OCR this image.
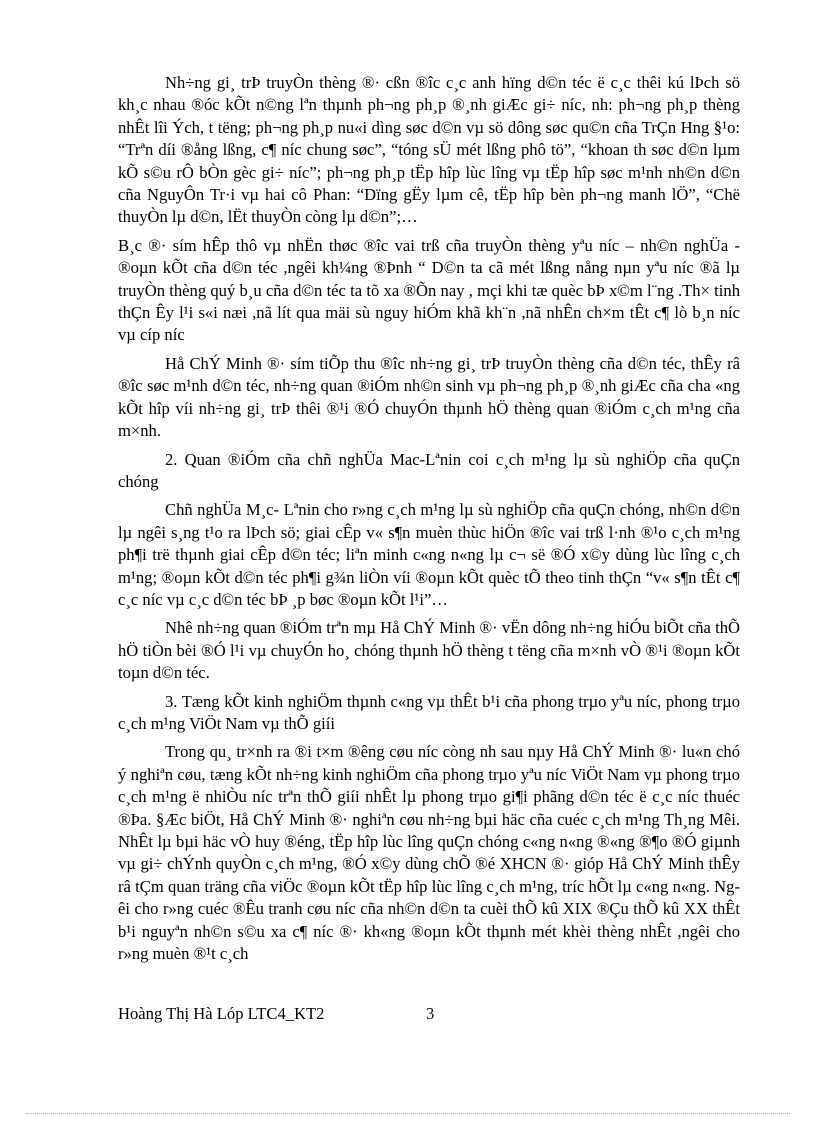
Nh÷ng gi¸ trÞ truyÒn thèng ®· cßn ®îc c¸c anh hïng d©n téc ë c¸c thêi kú lÞch sö kh¸c nhau ®óc kÕt n©ng lªn thµnh ph¬ng ph¸p ®¸nh giÆc gi÷ níc, nh: ph¬ng ph¸p thèng nhÊt lîi Ých, t tëng; ph¬ng ph¸p nu«i dìng søc d©n vµ sö dông søc qu©n cña TrÇn Hng §¹o: “Trªn díi ®ång lßng, c¶ níc chung søc”, “tóng sÜ mét lßng phô tö”, “khoan th søc d©n lµm kÕ s©u rÔ bÒn gèc gi÷ níc”; ph¬ng ph¸p tËp hîp lùc lîng vµ tËp hîp søc m¹nh nh©n d©n cña NguyÔn Tr·i vµ hai cô Phan: “Dïng gËy lµm cê, tËp hîp bèn ph¬ng manh lÖ”, “Chë thuyÒn lµ d©n, lËt thuyÒn còng lµ d©n”;…

B¸c ®· sím hÊp thô vµ nhËn thøc ®îc vai trß cña truyÒn thèng yªu níc – nh©n nghÜa - ®oµn kÕt cña d©n téc ,ngêi kh¼ng ®Þnh “ D©n ta cã mét lßng nång nµn yªu níc ®ã lµ truyÒn thèng quý b¸u cña d©n téc ta tõ xa ®Õn nay , mçi khi tæ quèc bÞ x©m l¨ng .Th× tinh thÇn Êy l¹i s«i næi ,nã lít qua mäi sù nguy hiÓm khã kh¨n ,nã nhÊn ch×m tÊt c¶ lò b¸n níc vµ cíp níc

Hå ChÝ Minh ®· sím tiÕp thu ®îc nh÷ng gi¸ trÞ truyÒn thèng cña d©n téc, thÊy râ ®îc søc m¹nh d©n téc, nh÷ng quan ®iÓm nh©n sinh vµ ph¬ng ph¸p ®¸nh giÆc cña cha «ng kÕt hîp víi nh÷ng gi¸ trÞ thêi ®¹i ®Ó chuyÓn thµnh hÖ thèng quan ®iÓm c¸ch m¹ng cña m×nh.

2. Quan ®iÓm cña chñ nghÜa Mac-Lªnin coi c¸ch m¹ng lµ sù nghiÖp cña quÇn chóng

Chñ nghÜa M¸c- Lªnin cho r»ng c¸ch m¹ng lµ sù nghiÖp cña quÇn chóng, nh©n d©n lµ ngêi s¸ng t¹o ra lÞch sö; giai cÊp v« s¶n muèn thùc hiÖn ®îc vai trß l·nh ®¹o c¸ch m¹ng ph¶i trë thµnh giai cÊp d©n téc; liªn minh c«ng n«ng lµ c¬ së ®Ó x©y dùng lùc lîng c¸ch m¹ng; ®oµn kÕt d©n téc ph¶i g¾n liÒn víi ®oµn kÕt quèc tÕ theo tinh thÇn “v« s¶n tÊt c¶ c¸c níc vµ c¸c d©n téc bÞ ¸p bøc ®oµn kÕt l¹i”…

Nhê nh÷ng quan ®iÓm trªn mµ Hå ChÝ Minh ®· vËn dông nh÷ng hiÓu biÕt cña thÕ hÖ tiÒn bèi ®Ó l¹i vµ chuyÓn ho¸ chóng thµnh hÖ thèng t tëng cña m×nh vÒ ®¹i ®oµn kÕt toµn d©n téc.

3. Tæng kÕt kinh nghiÖm thµnh c«ng vµ thÊt b¹i cña phong trµo yªu níc, phong trµo c¸ch m¹ng ViÖt Nam vµ thÕ giíi

Trong qu¸ tr×nh ra ®i t×m ®êng cøu níc còng nh sau nµy Hå ChÝ Minh ®· lu«n chó ý nghiªn cøu, tæng kÕt nh÷ng kinh nghiÖm cña phong trµo yªu níc ViÖt Nam vµ phong trµo c¸ch m¹ng ë nhiÒu níc trªn thÕ giíi nhÊt lµ phong trµo gi¶i phãng d©n téc ë c¸c níc thuéc ®Þa. §Æc biÖt, Hå ChÝ Minh ®· nghiªn cøu nh÷ng bµi häc cña cuéc c¸ch m¹ng Th¸ng Mêi. NhÊt lµ bµi häc vÒ huy ®éng, tËp hîp lùc lîng quÇn chóng c«ng n«ng ®«ng ®¶o ®Ó giµnh vµ gi÷ chÝnh quyÒn c¸ch m¹ng, ®Ó x©y dùng chÕ ®é XHCN ®· gióp Hå ChÝ Minh thÊy râ tÇm quan träng cña viÖc ®oµn kÕt tËp hîp lùc lîng c¸ch m¹ng, tríc hÕt lµ c«ng n«ng. Ngêi cho r»ng cuéc ®Êu tranh cøu níc cña nh©n d©n ta cuèi thÕ kû XIX ®Çu thÕ kû XX thÊt b¹i nguyªn nh©n s©u xa c¶ níc ®· kh«ng ®oµn kÕt thµnh mét khèi thèng nhÊt ,ngêi cho r»ng muèn ®¹t c¸ch

Hoàng Thị Hà Lóp LTC4_KT2	3
